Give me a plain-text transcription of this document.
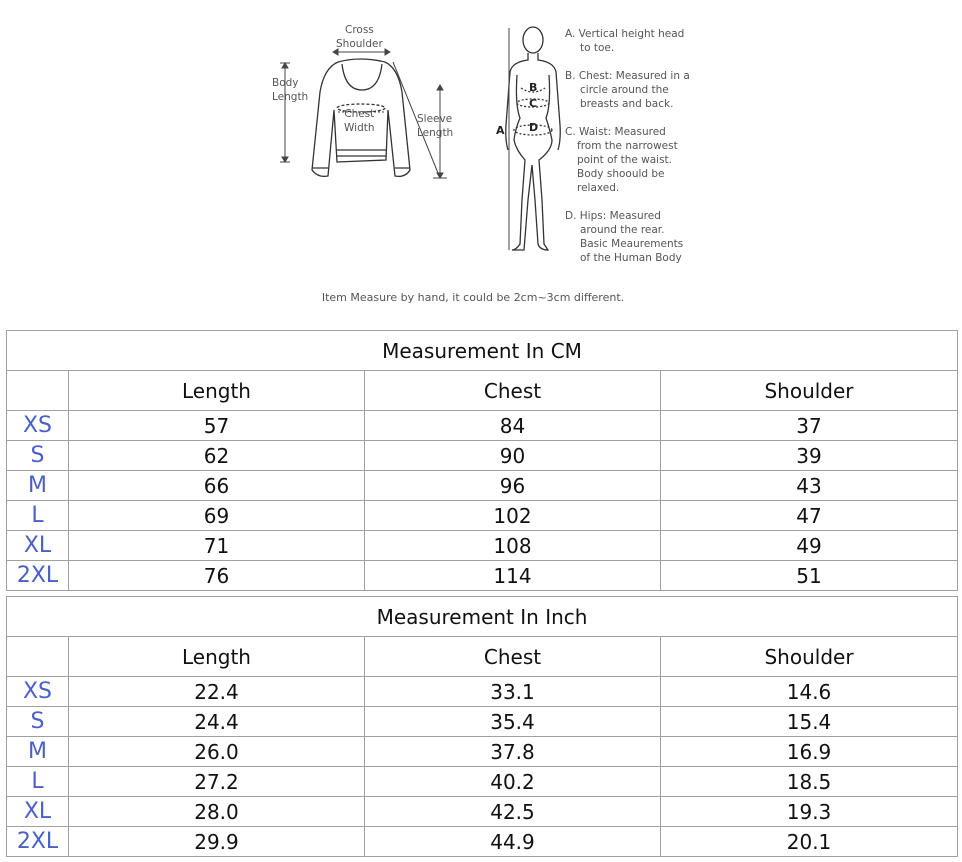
Cross
Shoulder
Body
Length
Chest
Width
Sleeve
Length	A
B
C
D
A. Vertical height head
to toe.
B. Chest: Measured in a
circle around the
breasts and back.
C. Waist: Measured
from the narrowest
point of the waist.
Body shoould be
relaxed.
D. Hips: Measured
around the rear.
Basic Meaurements
of the Human Body
Item Measure by hand, it could be 2cm~3cm different.
Measurement In CM			
	Length	Chest	Shoulder
XS	57	84	37
S	62	90	39
M	66	96	43
L	69	102	47
XL	71	108	49
2XL	76	114	51
Measurement In Inch			
	Length	Chest	Shoulder
XS	22.4	33.1	14.6
S	24.4	35.4	15.4
M	26.0	37.8	16.9
L	27.2	40.2	18.5
XL	28.0	42.5	19.3
2XL	29.9	44.9	20.1
